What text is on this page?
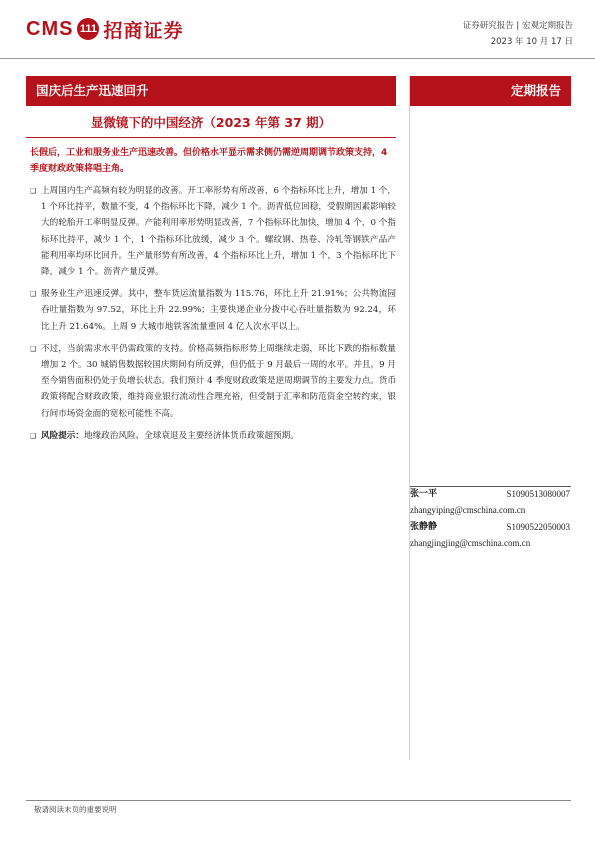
CMS 111 招商证券	证券研究报告 | 宏观定期报告
2023 年 10 月 17 日
国庆后生产迅速回升	定期报告
显微镜下的中国经济（2023 年第 37 期）
长假后，工业和服务业生产迅速改善。但价格水平显示需求侧仍需逆周期调节政策支持，4 季度财政政策将唱主角。
❑ 上周国内生产高频有较为明显的改善。开工率形势有所改善，6 个指标环比上升，增加 1 个，1 个环比持平，数量不变，4 个指标环比下降，减少 1 个。沥青低位回稳，受假期因素影响较大的轮胎开工率明显反弹。产能利用率形势明显改善，7 个指标环比加快，增加 4 个，0 个指标环比持平，减少 1 个，1 个指标环比放缓，减少 3 个。螺纹钢、热卷、冷轧等钢铁产品产能利用率均环比回升。生产量形势有所改善，4 个指标环比上升，增加 1 个，3 个指标环比下降，减少 1 个。沥青产量反弹。
❑ 服务业生产迅速反弹。其中，整车货运流量指数为 115.76，环比上升 21.91%；公共物流园吞吐量指数为 97.52，环比上升 22.99%；主要快递企业分拨中心吞吐量指数为 92.24，环比上升 21.64%。上周 9 大城市地铁客流量重回 4 亿人次水平以上。
❑ 不过，当前需求水平仍需政策的支持。价格高频指标形势上周继续走弱，环比下跌的指标数量增加 2 个。30 城销售数据较国庆期间有所反弹，但仍低于 9 月最后一周的水平。并且，9 月至今销售面积仍处于负增长状态。我们预计 4 季度财政政策是逆周期调节的主要发力点。货币政策将配合财政政策，维持商业银行流动性合理充裕，但受制于汇率和防范资金空转约束，银行间市场资金面的宽松可能性不高。
❑ 风险提示：地缘政治风险、全球衰退及主要经济体货币政策超预期。
张一平	S1090513080007
zhangyiping@cmschina.com.cn
张静静	S1090522050003
zhangjingjing@cmschina.com.cn
敬请阅读末页的重要说明
